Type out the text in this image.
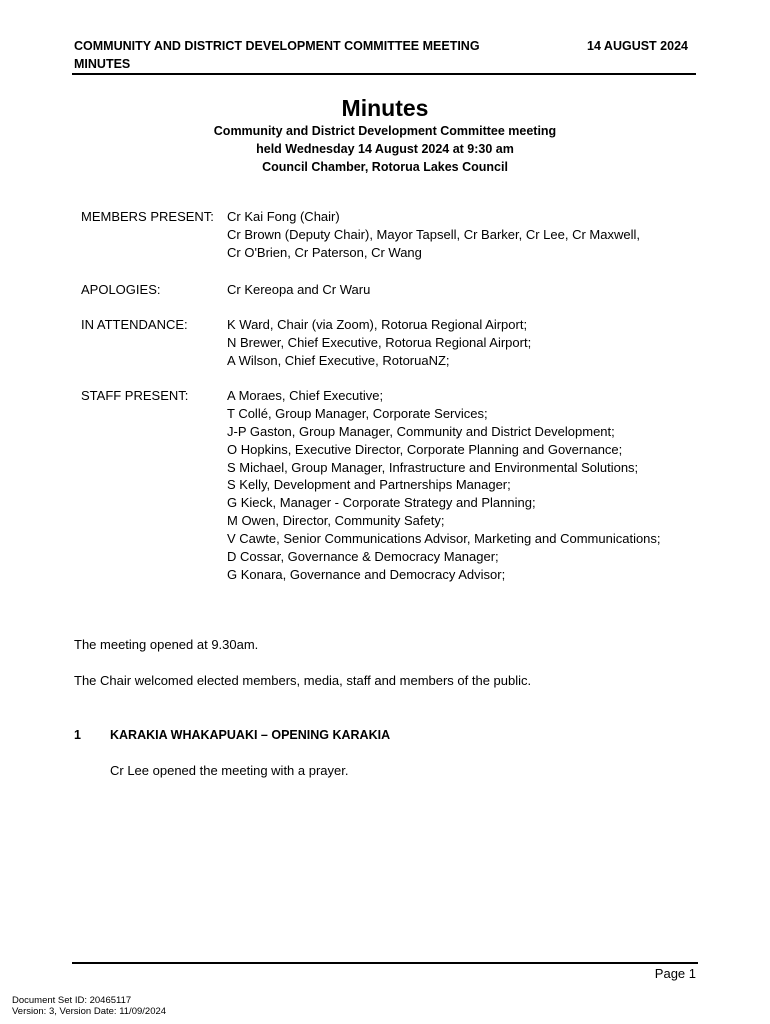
COMMUNITY AND DISTRICT DEVELOPMENT COMMITTEE MEETING MINUTES
14 AUGUST 2024
Minutes
Community and District Development Committee meeting
held Wednesday 14 August 2024 at 9:30 am
Council Chamber, Rotorua Lakes Council
MEMBERS PRESENT: Cr Kai Fong (Chair)
Cr Brown (Deputy Chair), Mayor Tapsell, Cr Barker, Cr Lee, Cr Maxwell,
Cr O'Brien, Cr Paterson, Cr Wang
APOLOGIES:	Cr Kereopa and Cr Waru
IN ATTENDANCE:	K Ward, Chair (via Zoom), Rotorua Regional Airport;
N Brewer, Chief Executive, Rotorua Regional Airport;
A Wilson, Chief Executive, RotoruaNZ;
STAFF PRESENT:	A Moraes, Chief Executive;
T Collé, Group Manager, Corporate Services;
J-P Gaston, Group Manager, Community and District Development;
O Hopkins, Executive Director, Corporate Planning and Governance;
S Michael, Group Manager, Infrastructure and Environmental Solutions;
S Kelly, Development and Partnerships Manager;
G Kieck, Manager - Corporate Strategy and Planning;
M Owen, Director, Community Safety;
V Cawte, Senior Communications Advisor, Marketing and Communications;
D Cossar, Governance & Democracy Manager;
G Konara, Governance and Democracy Advisor;
The meeting opened at 9.30am.
The Chair welcomed elected members, media, staff and members of the public.
1 KARAKIA WHAKAPUAKI – OPENING KARAKIA
Cr Lee opened the meeting with a prayer.
Page 1
Document Set ID: 20465117
Version: 3, Version Date: 11/09/2024
